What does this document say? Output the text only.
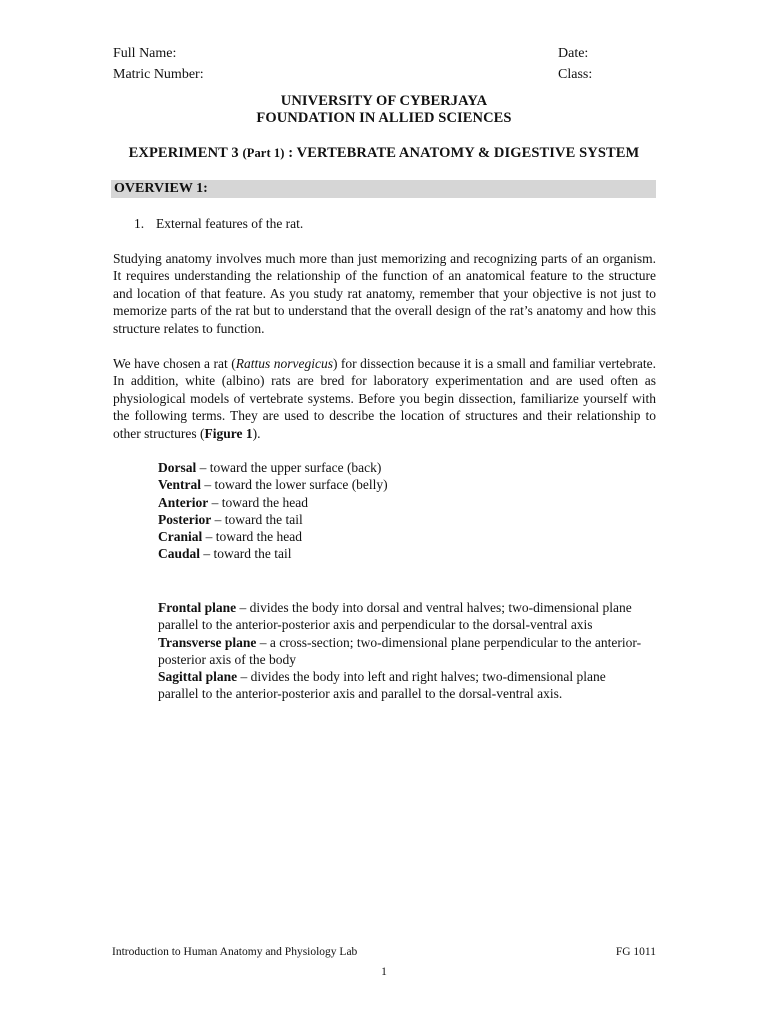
Full Name:	Date:
Matric Number:	Class:
UNIVERSITY OF CYBERJAYA
FOUNDATION IN ALLIED SCIENCES
EXPERIMENT 3 (Part 1) : VERTEBRATE ANATOMY & DIGESTIVE SYSTEM
OVERVIEW 1:
1. External features of the rat.
Studying anatomy involves much more than just memorizing and recognizing parts of an organism. It requires understanding the relationship of the function of an anatomical feature to the structure and location of that feature. As you study rat anatomy, remember that your objective is not just to memorize parts of the rat but to understand that the overall design of the rat’s anatomy and how this structure relates to function.
We have chosen a rat (Rattus norvegicus) for dissection because it is a small and familiar vertebrate. In addition, white (albino) rats are bred for laboratory experimentation and are used often as physiological models of vertebrate systems. Before you begin dissection, familiarize yourself with the following terms. They are used to describe the location of structures and their relationship to other structures (Figure 1).
Dorsal – toward the upper surface (back)
Ventral – toward the lower surface (belly)
Anterior – toward the head
Posterior – toward the tail
Cranial – toward the head
Caudal – toward the tail
Frontal plane – divides the body into dorsal and ventral halves; two-dimensional plane parallel to the anterior-posterior axis and perpendicular to the dorsal-ventral axis
Transverse plane – a cross-section; two-dimensional plane perpendicular to the anterior-posterior axis of the body
Sagittal plane – divides the body into left and right halves; two-dimensional plane parallel to the anterior-posterior axis and parallel to the dorsal-ventral axis.
Introduction to Human Anatomy and Physiology Lab	FG 1011
1
